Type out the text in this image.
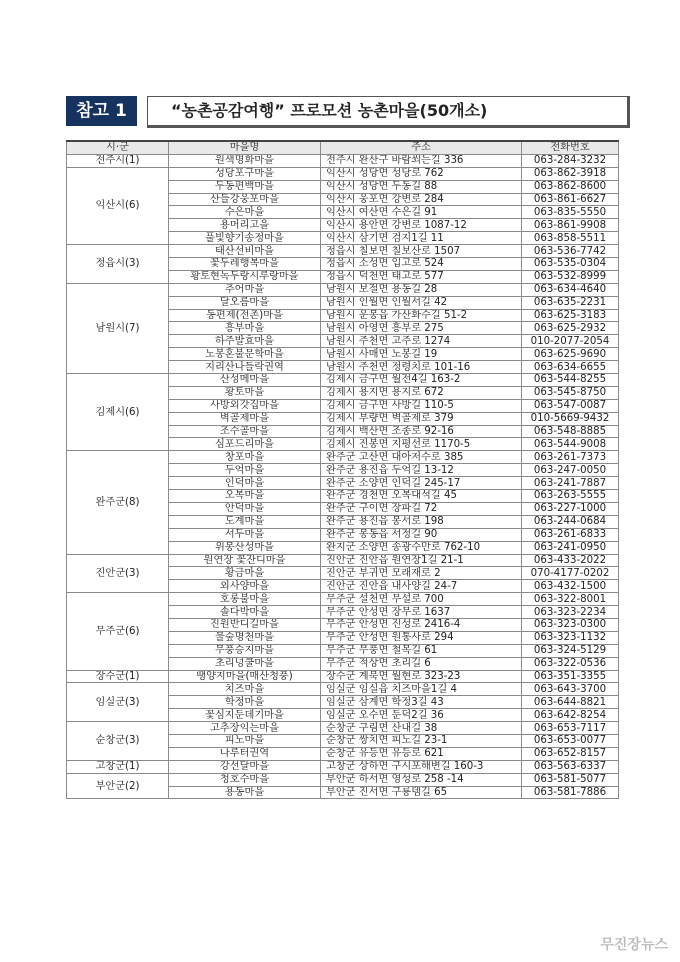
참고 1	“농촌공감여행” 프로모션 농촌마을(50개소)
시·군	마을명	주소	전화번호
전주시(1)	원색명화마을	전주시 완산구 바람쐬는길 336	063-284-3232
익산시(6)	성당포구마을	익산시 성당면 성당로 762	063-862-3918
	두동편백마을	익산시 성당면 두동길 88	063-862-8600
	산들강웅포마을	익산시 웅포면 강변로 284	063-861-6627
	수은마을	익산시 여산면 수은길 91	063-835-5550
	용머리고을	익산시 용안면 강변로 1087-12	063-861-9908
	풀빛향기송정마을	익산시 삼기면 검지1길 11	063-858-5511
정읍시(3)	태산선비마을	정읍시 칠보면 칠보산로 1507	063-536-7742
	꽃두레행복마을	정읍시 소성면 입고로 524	063-535-0304
	황토현녹두랑시루랑마을	정읍시 덕천면 태고로 577	063-532-8999
남원시(7)	추어마을	남원시 보절면 용동길 28	063-634-4640
	달오름마을	남원시 인월면 인월서길 42	063-635-2231
	동편제(전촌)마을	남원시 운봉읍 가산화수길 51-2	063-625-3183
	흥부마을	남원시 아영면 흥부로 275	063-625-2932
	하주발효마을	남원시 주천면 고주로 1274	010-2077-2054
	노봉혼불문학마을	남원시 사매면 노봉길 19	063-625-9690
	지리산나들락권역	남원시 주천면 정령치로 101-16	063-634-6655
김제시(6)	산성메마을	김제시 금구면 월전4길 163-2	063-544-8255
	황토마을	김제시 용지면 용지로 672	063-545-8750
	사방외갓집마을	김제시 금구면 사방길 110-5	063-547-0087
	벽골제마을	김제시 부량면 벽골제로 379	010-5669-9432
	조수골마을	김제시 백산면 조종로 92-16	063-548-8885
	심포드리마을	김제시 진봉면 지평선로 1170-5	063-544-9008
완주군(8)	창포마을	완주군 고산면 대아저수로 385	063-261-7373
	두억마을	완주군 용진읍 두억길 13-12	063-247-0050
	인덕마을	완주군 소양면 인덕길 245-17	063-241-7887
	오복마을	완주군 경천면 오복대석길 45	063-263-5555
	안덕마을	완주군 구이면 장파길 72	063-227-1000
	도계마을	완주군 용진읍 봉서로 198	063-244-0684
	서두마을	완주군 봉동읍 서정길 90	063-261-6833
	위봉산성마을	완지군 소양면 송광수만로 762-10	063-241-0950
진안군(3)	원연장 꽃잔디마을	진안군 진안읍 원연장1길 21-1	063-433-2022
	황금마을	진안군 부귀면 모래재로 2	070-4177-0202
	외사양마을	진안군 진안읍 내사양길 24-7	063-432-1500
무주군(6)	호롱불마을	무주군 설천면 무설로 700	063-322-8001
	솔다박마을	무주군 안성면 장무로 1637	063-323-2234
	진원반디길마을	무주군 안성면 진성로 2416-4	063-323-0300
	물숲명천마을	무주군 안성면 원통사로 294	063-323-1132
	무풍승지마을	무주군 무풍면 철목길 61	063-324-5129
	초리넝쿨마을	무주군 적상면 초리길 6	063-322-0536
장수군(1)	땡양지마을(매산청풍)	장수군 계북면 월현로 323-23	063-351-3355
임실군(3)	치즈마을	임실군 임실읍 치즈마을1길 4	063-643-3700
	학정마을	임실군 삼계면 학정3길 43	063-644-8821
	꽃심지둔데기마을	임실군 오수면 둔덕2길 36	063-642-8254
순창군(3)	고추장익는마을	순창군 구림면 산내길 38	063-653-7117
	피노마을	순창군 쌍치면 피노길 23-1	063-653-0077
	나루터권역	순창군 유등면 유등로 621	063-652-8157
고창군(1)	강선달마을	고창군 상하면 구시포해변길 160-3	063-563-6337
부안군(2)	청호수마을	부안군 하서면 영성로 258 -14	063-581-5077
	용동마을	부안군 진서면 구룡뎀길 65	063-581-7886
무진장뉴스
